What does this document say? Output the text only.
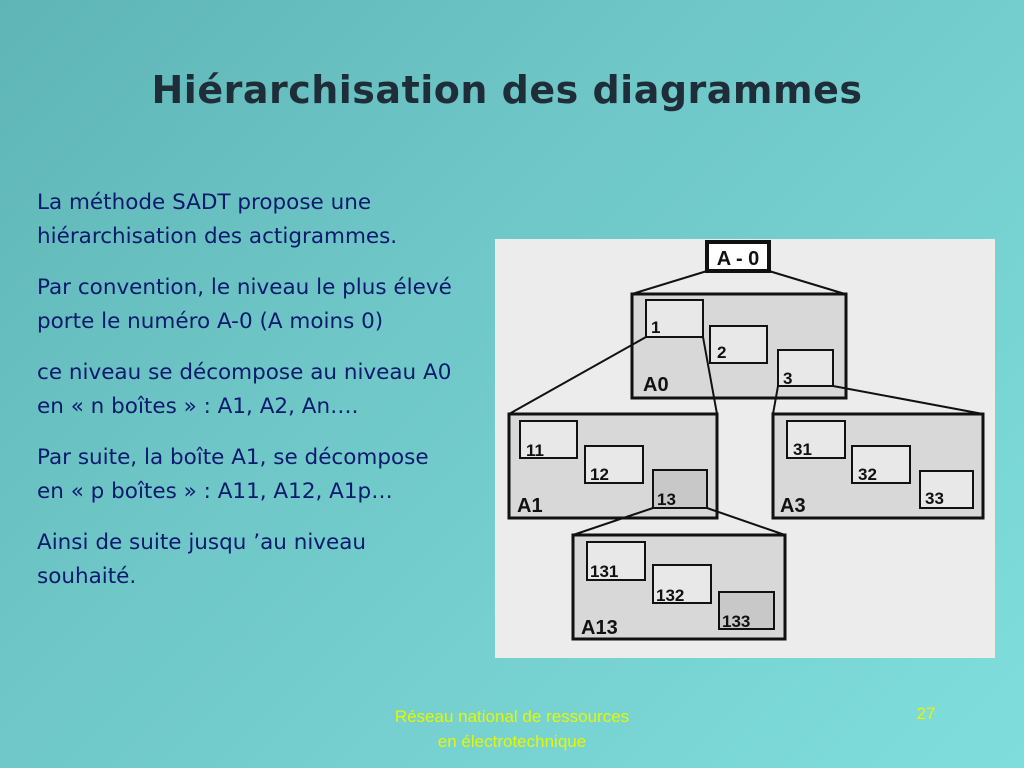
Hiérarchisation des diagrammes

La méthode SADT propose une
hiérarchisation des actigrammes.

Par convention, le niveau le plus élevé
porte le numéro A-0 (A moins 0)

ce niveau se décompose au niveau A0
en « n boîtes » : A1, A2, An….

Par suite, la boîte A1, se décompose
en « p boîtes » : A11, A12, A1p…

Ainsi de suite jusqu ’au niveau
souhaité.

A - 0
1
2
3
A0
11
12
13
A1
31
32
33
A3
131
132
133
A13
Réseau national de ressources
en électrotechnique
27
